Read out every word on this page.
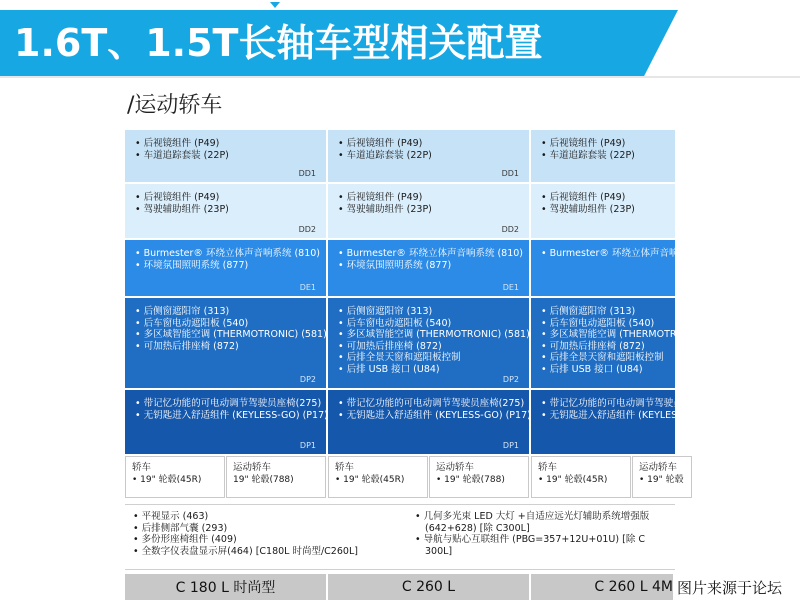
1.6T、1.5T长轴车型相关配置
/运动轿车
• 后视镜组件 (P49)
• 车道追踪套装 (22P)
DD1
• 后视镜组件 (P49)
• 车道追踪套装 (22P)
DD1
• 后视镜组件 (P49)
• 车道追踪套装 (22P)
• 后视镜组件 (P49)
• 驾驶辅助组件 (23P)
DD2
• 后视镜组件 (P49)
• 驾驶辅助组件 (23P)
DD2
• 后视镜组件 (P49)
• 驾驶辅助组件 (23P)
• Burmester® 环绕立体声音响系统 (810)
• 环境氛围照明系统 (877)
DE1
• Burmester® 环绕立体声音响系统 (810)
• 环境氛围照明系统 (877)
DE1
• Burmester® 环绕立体声音响
• 后侧窗遮阳帘 (313)
• 后车窗电动遮阳板 (540)
• 多区域智能空调 (THERMOTRONIC) (581)
• 可加热后排座椅 (872)
DP2
• 后侧窗遮阳帘 (313)
• 后车窗电动遮阳板 (540)
• 多区域智能空调 (THERMOTRONIC) (581)
• 可加热后排座椅 (872)
• 后排全景天窗和遮阳板控制
• 后排 USB 接口 (U84)
DP2
• 后侧窗遮阳帘 (313)
• 后车窗电动遮阳板 (540)
• 多区域智能空调 (THERMOTRONIC
• 可加热后排座椅 (872)
• 后排全景天窗和遮阳板控制
• 后排 USB 接口 (U84)
• 带记忆功能的可电动调节驾驶员座椅(275)
• 无钥匙进入舒适组件 (KEYLESS-GO) (P17)
DP1
• 带记忆功能的可电动调节驾驶员座椅(275)
• 无钥匙进入舒适组件 (KEYLESS-GO) (P17)
DP1
• 带记忆功能的可电动调节驾驶员座椅
• 无钥匙进入舒适组件 (KEYLESS-
轿车
• 19" 轮毂(45R)
运动轿车
19" 轮毂(788)
轿车
• 19" 轮毂(45R)
运动轿车
• 19" 轮毂(788)
轿车
• 19" 轮毂(45R)
运动轿车
• 19" 轮毂
• 平视显示 (463)
• 后排侧部气囊 (293)
• 多份形座椅组件 (409)
• 全数字仪表盘显示屏(464) [C180L 时尚型/C260L]
• 几何多光束 LED 大灯 +自适应远光灯辅助系统增强版
(642+628) [除 C300L]
• 导航与贴心互联组件 (PBG=357+12U+01U) [除 C
300L]
C 180 L 时尚型	C 260 L	C 260 L 4M 图片来源于论坛
